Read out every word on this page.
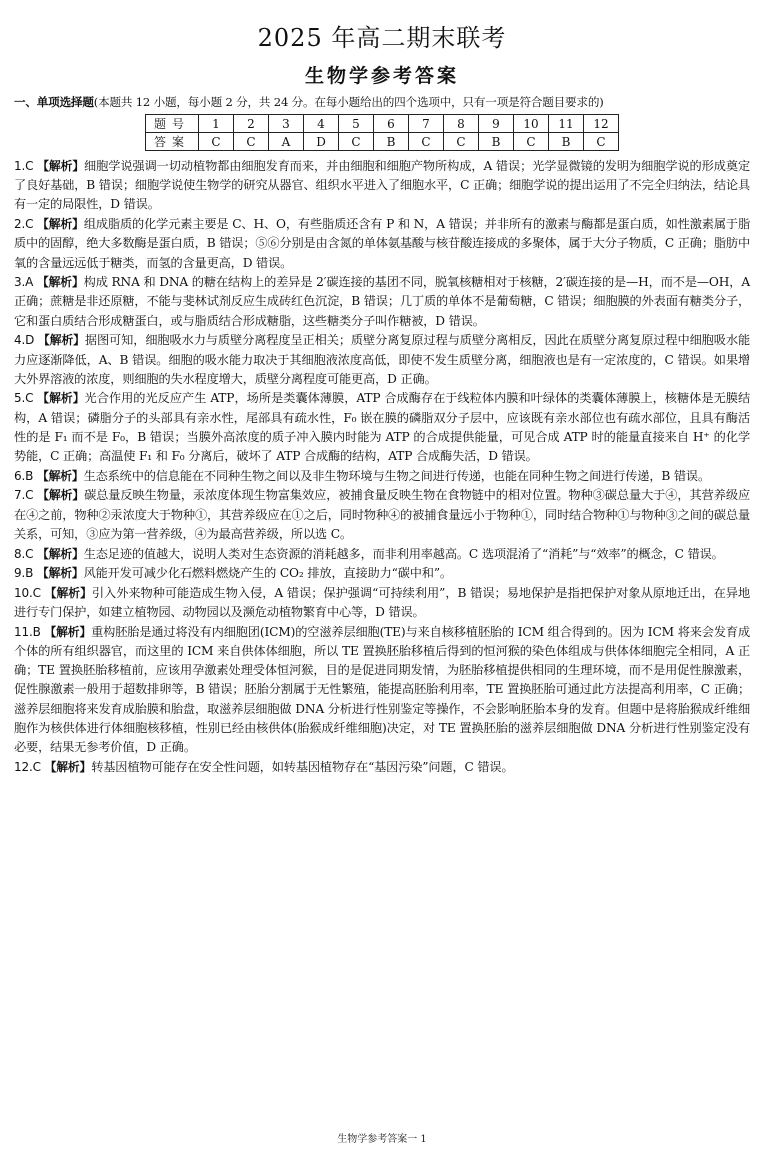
2025 年高二期末联考
生物学参考答案
一、单项选择题(本题共 12 小题，每小题 2 分，共 24 分。在每小题给出的四个选项中，只有一项是符合题目要求的)
题号	1	2	3	4	5	6	7	8	9	10	11	12
答案	C	C	A	D	C	B	C	C	B	C	B	C
1.C 【解析】细胞学说强调一切动植物都由细胞发育而来，并由细胞和细胞产物所构成，A 错误；光学显微镜的发明为细胞学说的形成奠定了良好基础，B 错误；细胞学说使生物学的研究从器官、组织水平进入了细胞水平，C 正确；细胞学说的提出运用了不完全归纳法，结论具有一定的局限性，D 错误。
2.C 【解析】组成脂质的化学元素主要是 C、H、O，有些脂质还含有 P 和 N，A 错误；并非所有的激素与酶都是蛋白质，如性激素属于脂质中的固醇，绝大多数酶是蛋白质，B 错误；⑤⑥分别是由含氮的单体氨基酸与核苷酸连接成的多聚体，属于大分子物质，C 正确；脂肪中氧的含量远远低于糖类，而氢的含量更高，D 错误。
3.A 【解析】构成 RNA 和 DNA 的糖在结构上的差异是 2′碳连接的基团不同，脱氧核糖相对于核糖，2′碳连接的是—H，而不是—OH，A 正确；蔗糖是非还原糖，不能与斐林试剂反应生成砖红色沉淀，B 错误；几丁质的单体不是葡萄糖，C 错误；细胞膜的外表面有糖类分子，它和蛋白质结合形成糖蛋白，或与脂质结合形成糖脂，这些糖类分子叫作糖被，D 错误。
4.D 【解析】据图可知，细胞吸水力与质壁分离程度呈正相关；质壁分离复原过程与质壁分离相反，因此在质壁分离复原过程中细胞吸水能力应逐渐降低，A、B 错误。细胞的吸水能力取决于其细胞液浓度高低，即使不发生质壁分离，细胞液也是有一定浓度的，C 错误。如果增大外界溶液的浓度，则细胞的失水程度增大，质壁分离程度可能更高，D 正确。
5.C 【解析】光合作用的光反应产生 ATP，场所是类囊体薄膜，ATP 合成酶存在于线粒体内膜和叶绿体的类囊体薄膜上，核糖体是无膜结构，A 错误；磷脂分子的头部具有亲水性，尾部具有疏水性，F₀ 嵌在膜的磷脂双分子层中，应该既有亲水部位也有疏水部位，且具有酶活性的是 F₁ 而不是 F₀，B 错误；当膜外高浓度的质子冲入膜内时能为 ATP 的合成提供能量，可见合成 ATP 时的能量直接来自 H⁺ 的化学势能，C 正确；高温使 F₁ 和 F₀ 分离后，破坏了 ATP 合成酶的结构，ATP 合成酶失活，D 错误。
6.B 【解析】生态系统中的信息能在不同种生物之间以及非生物环境与生物之间进行传递，也能在同种生物之间进行传递，B 错误。
7.C 【解析】碳总量反映生物量，汞浓度体现生物富集效应，被捕食量反映生物在食物链中的相对位置。物种③碳总量大于④，其营养级应在④之前，物种②汞浓度大于物种①，其营养级应在①之后，同时物种④的被捕食量远小于物种①，同时结合物种①与物种③之间的碳总量关系，可知，③应为第一营养级，④为最高营养级，所以选 C。
8.C 【解析】生态足迹的值越大，说明人类对生态资源的消耗越多，而非利用率越高。C 选项混淆了“消耗”与“效率”的概念，C 错误。
9.B 【解析】风能开发可减少化石燃料燃烧产生的 CO₂ 排放，直接助力“碳中和”。
10.C 【解析】引入外来物种可能造成生物入侵，A 错误；保护强调“可持续利用”，B 错误；易地保护是指把保护对象从原地迁出，在异地进行专门保护，如建立植物园、动物园以及濒危动植物繁育中心等，D 错误。
11.B 【解析】重构胚胎是通过将没有内细胞团(ICM)的空滋养层细胞(TE)与来自核移植胚胎的 ICM 组合得到的。因为 ICM 将来会发育成个体的所有组织器官，而这里的 ICM 来自供体体细胞，所以 TE 置换胚胎移植后得到的恒河猴的染色体组成与供体体细胞完全相同，A 正确；TE 置换胚胎移植前，应该用孕激素处理受体恒河猴，目的是促进同期发情，为胚胎移植提供相同的生理环境，而不是用促性腺激素，促性腺激素一般用于超数排卵等，B 错误；胚胎分割属于无性繁殖，能提高胚胎利用率，TE 置换胚胎可通过此方法提高利用率，C 正确；滋养层细胞将来发育成胎膜和胎盘，取滋养层细胞做 DNA 分析进行性别鉴定等操作，不会影响胚胎本身的发育。但题中是将胎猴成纤维细胞作为核供体进行体细胞核移植，性别已经由核供体(胎猴成纤维细胞)决定，对 TE 置换胚胎的滋养层细胞做 DNA 分析进行性别鉴定没有必要，结果无参考价值，D 正确。
12.C 【解析】转基因植物可能存在安全性问题，如转基因植物存在“基因污染”问题，C 错误。
生物学参考答案一 1
